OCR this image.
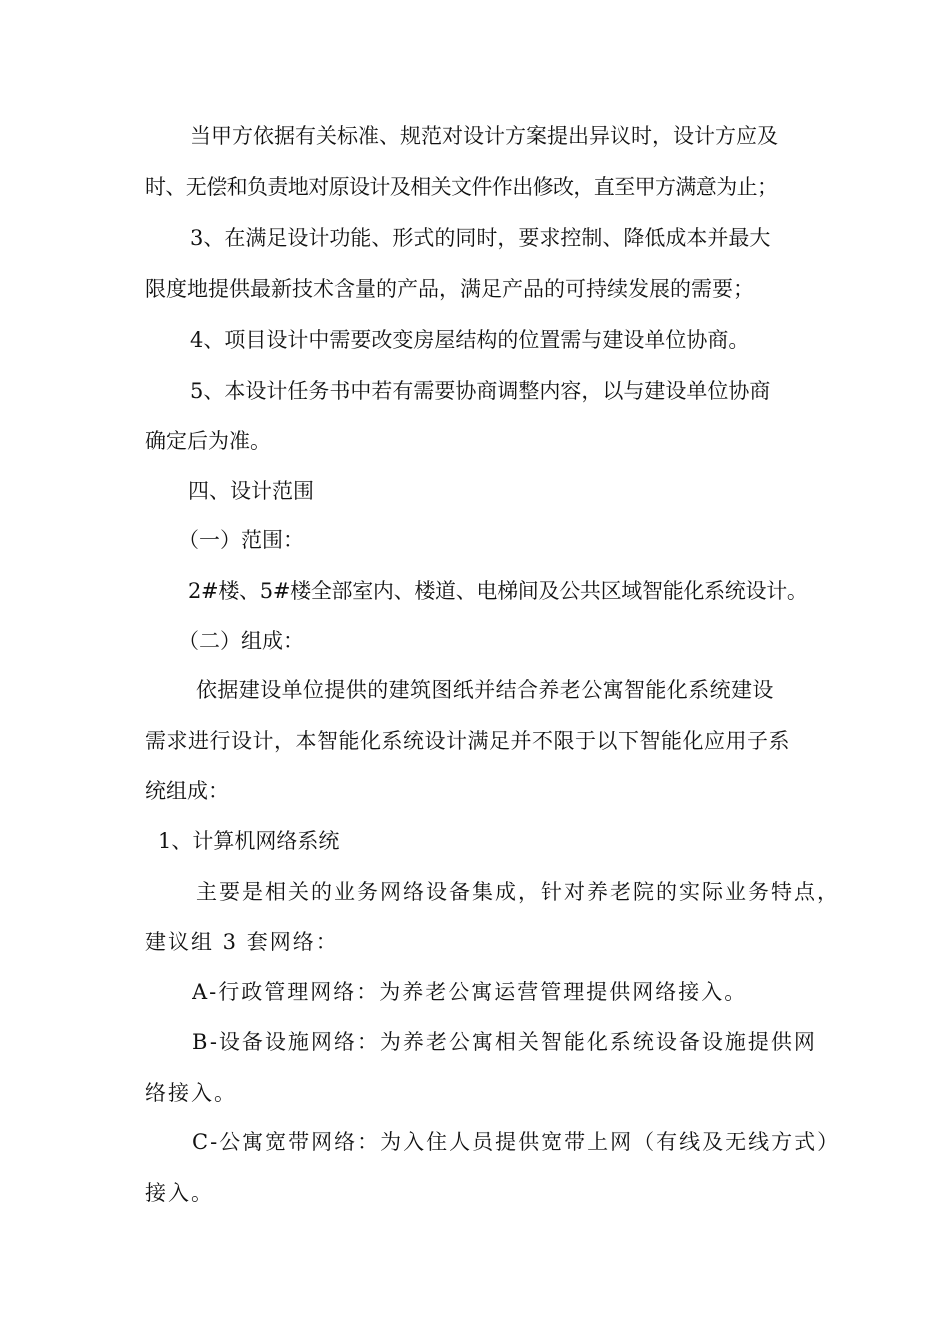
当甲方依据有关标准、规范对设计方案提出异议时，设计方应及
时、无偿和负责地对原设计及相关文件作出修改，直至甲方满意为止；
3、在满足设计功能、形式的同时，要求控制、降低成本并最大
限度地提供最新技术含量的产品，满足产品的可持续发展的需要；
4、项目设计中需要改变房屋结构的位置需与建设单位协商。
5、本设计任务书中若有需要协商调整内容，以与建设单位协商
确定后为准。
四、设计范围
（一）范围：
2#楼、5#楼全部室内、楼道、电梯间及公共区域智能化系统设计。
（二）组成：
依据建设单位提供的建筑图纸并结合养老公寓智能化系统建设
需求进行设计，本智能化系统设计满足并不限于以下智能化应用子系
统组成：
1、计算机网络系统
主要是相关的业务网络设备集成，针对养老院的实际业务特点，
建议组 3 套网络：
A-行政管理网络：为养老公寓运营管理提供网络接入。
B-设备设施网络：为养老公寓相关智能化系统设备设施提供网
络接入。
C-公寓宽带网络：为入住人员提供宽带上网（有线及无线方式）
接入。
